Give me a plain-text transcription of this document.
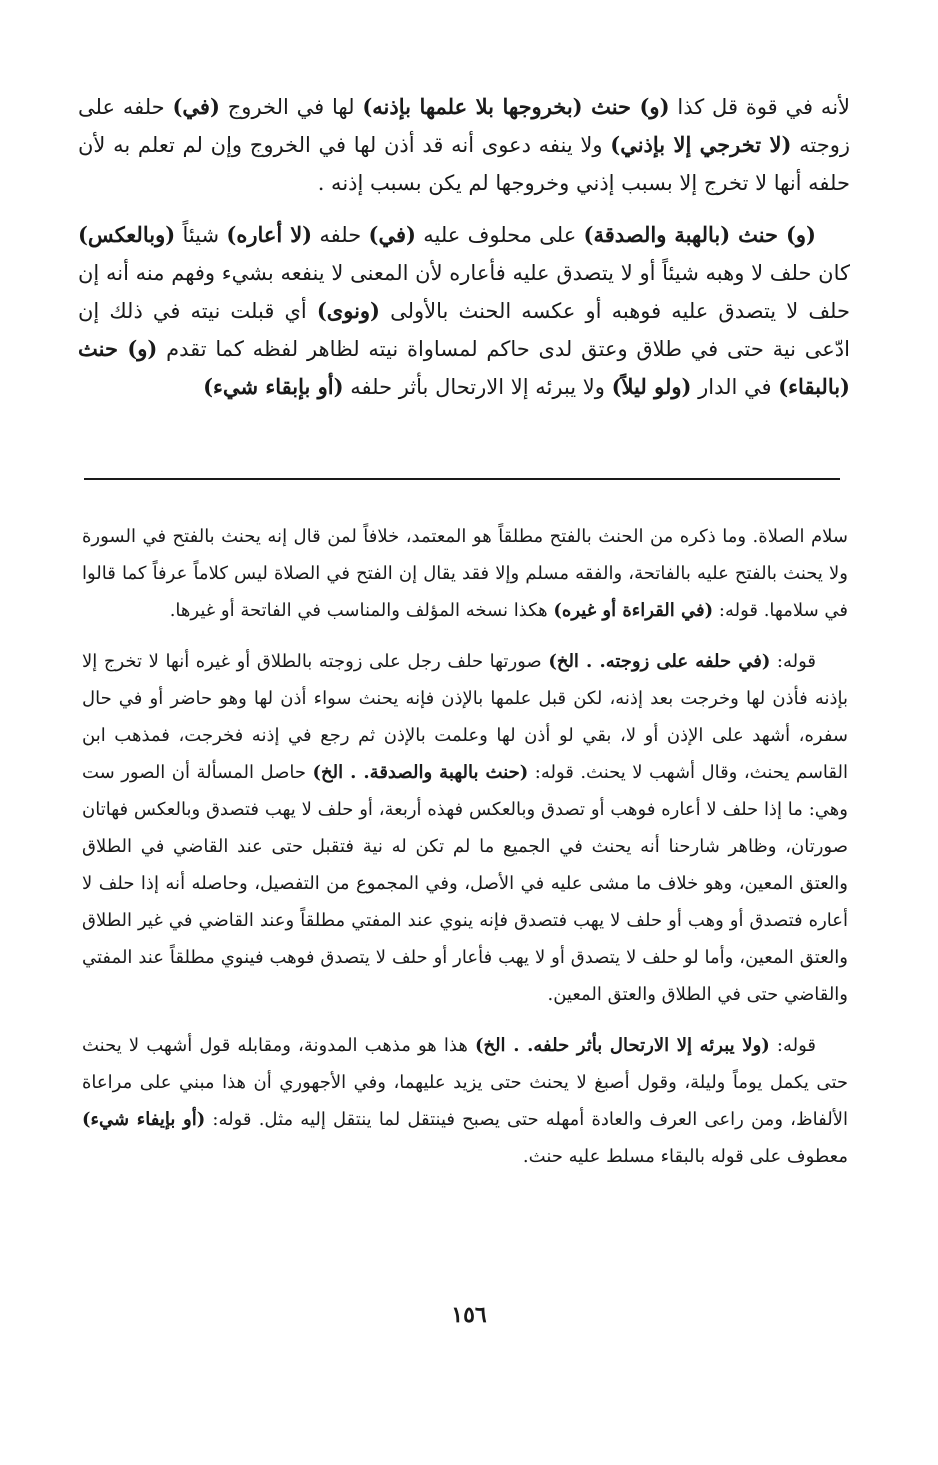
لأنه في قوة قل كذا (و) حنث (بخروجها بلا علمها بإذنه) لها في الخروج (في) حلفه على زوجته (لا تخرجي إلا بإذني) ولا ينفه دعوى أنه قد أذن لها في الخروج وإن لم تعلم به لأن حلفه أنها لا تخرج إلا بسبب إذني وخروجها لم يكن بسبب إذنه .

(و) حنث (بالهبة والصدقة) على محلوف عليه (في) حلفه (لا أعاره) شيئاً (وبالعكس) كان حلف لا وهبه شيئاً أو لا يتصدق عليه فأعاره لأن المعنى لا ينفعه بشيء وفهم منه أنه إن حلف لا يتصدق عليه فوهبه أو عكسه الحنث بالأولى (ونوى) أي قبلت نيته في ذلك إن ادّعى نية حتى في طلاق وعتق لدى حاكم لمساواة نيته لظاهر لفظه كما تقدم (و) حنث (بالبقاء) في الدار (ولو ليلاً) ولا يبرئه إلا الارتحال بأثر حلفه (أو بإبقاء شيء)

سلام الصلاة. وما ذكره من الحنث بالفتح مطلقاً هو المعتمد، خلافاً لمن قال إنه يحنث بالفتح في السورة ولا يحنث بالفتح عليه بالفاتحة، والفقه مسلم وإلا فقد يقال إن الفتح في الصلاة ليس كلاماً عرفاً كما قالوا في سلامها. قوله: (في القراءة أو غيره) هكذا نسخه المؤلف والمناسب في الفاتحة أو غيرها.

قوله: (في حلفه على زوجته. . الخ) صورتها حلف رجل على زوجته بالطلاق أو غيره أنها لا تخرج إلا بإذنه فأذن لها وخرجت بعد إذنه، لكن قبل علمها بالإذن فإنه يحنث سواء أذن لها وهو حاضر أو في حال سفره، أشهد على الإذن أو لا، بقي لو أذن لها وعلمت بالإذن ثم رجع في إذنه فخرجت، فمذهب ابن القاسم يحنث، وقال أشهب لا يحنث. قوله: (حنث بالهبة والصدقة. . الخ) حاصل المسألة أن الصور ست وهي: ما إذا حلف لا أعاره فوهب أو تصدق وبالعكس فهذه أربعة، أو حلف لا يهب فتصدق وبالعكس فهاتان صورتان، وظاهر شارحنا أنه يحنث في الجميع ما لم تكن له نية فتقبل حتى عند القاضي في الطلاق والعتق المعين، وهو خلاف ما مشى عليه في الأصل، وفي المجموع من التفصيل، وحاصله أنه إذا حلف لا أعاره فتصدق أو وهب أو حلف لا يهب فتصدق فإنه ينوي عند المفتي مطلقاً وعند القاضي في غير الطلاق والعتق المعين، وأما لو حلف لا يتصدق أو لا يهب فأعار أو حلف لا يتصدق فوهب فينوي مطلقاً عند المفتي والقاضي حتى في الطلاق والعتق المعين.

قوله: (ولا يبرئه إلا الارتحال بأثر حلفه. . الخ) هذا هو مذهب المدونة، ومقابله قول أشهب لا يحنث حتى يكمل يوماً وليلة، وقول أصبغ لا يحنث حتى يزيد عليهما، وفي الأجهوري أن هذا مبني على مراعاة الألفاظ، ومن راعى العرف والعادة أمهله حتى يصبح فينتقل لما ينتقل إليه مثل. قوله: (أو بإيفاء شيء) معطوف على قوله بالبقاء مسلط عليه حنث.

١٥٦
